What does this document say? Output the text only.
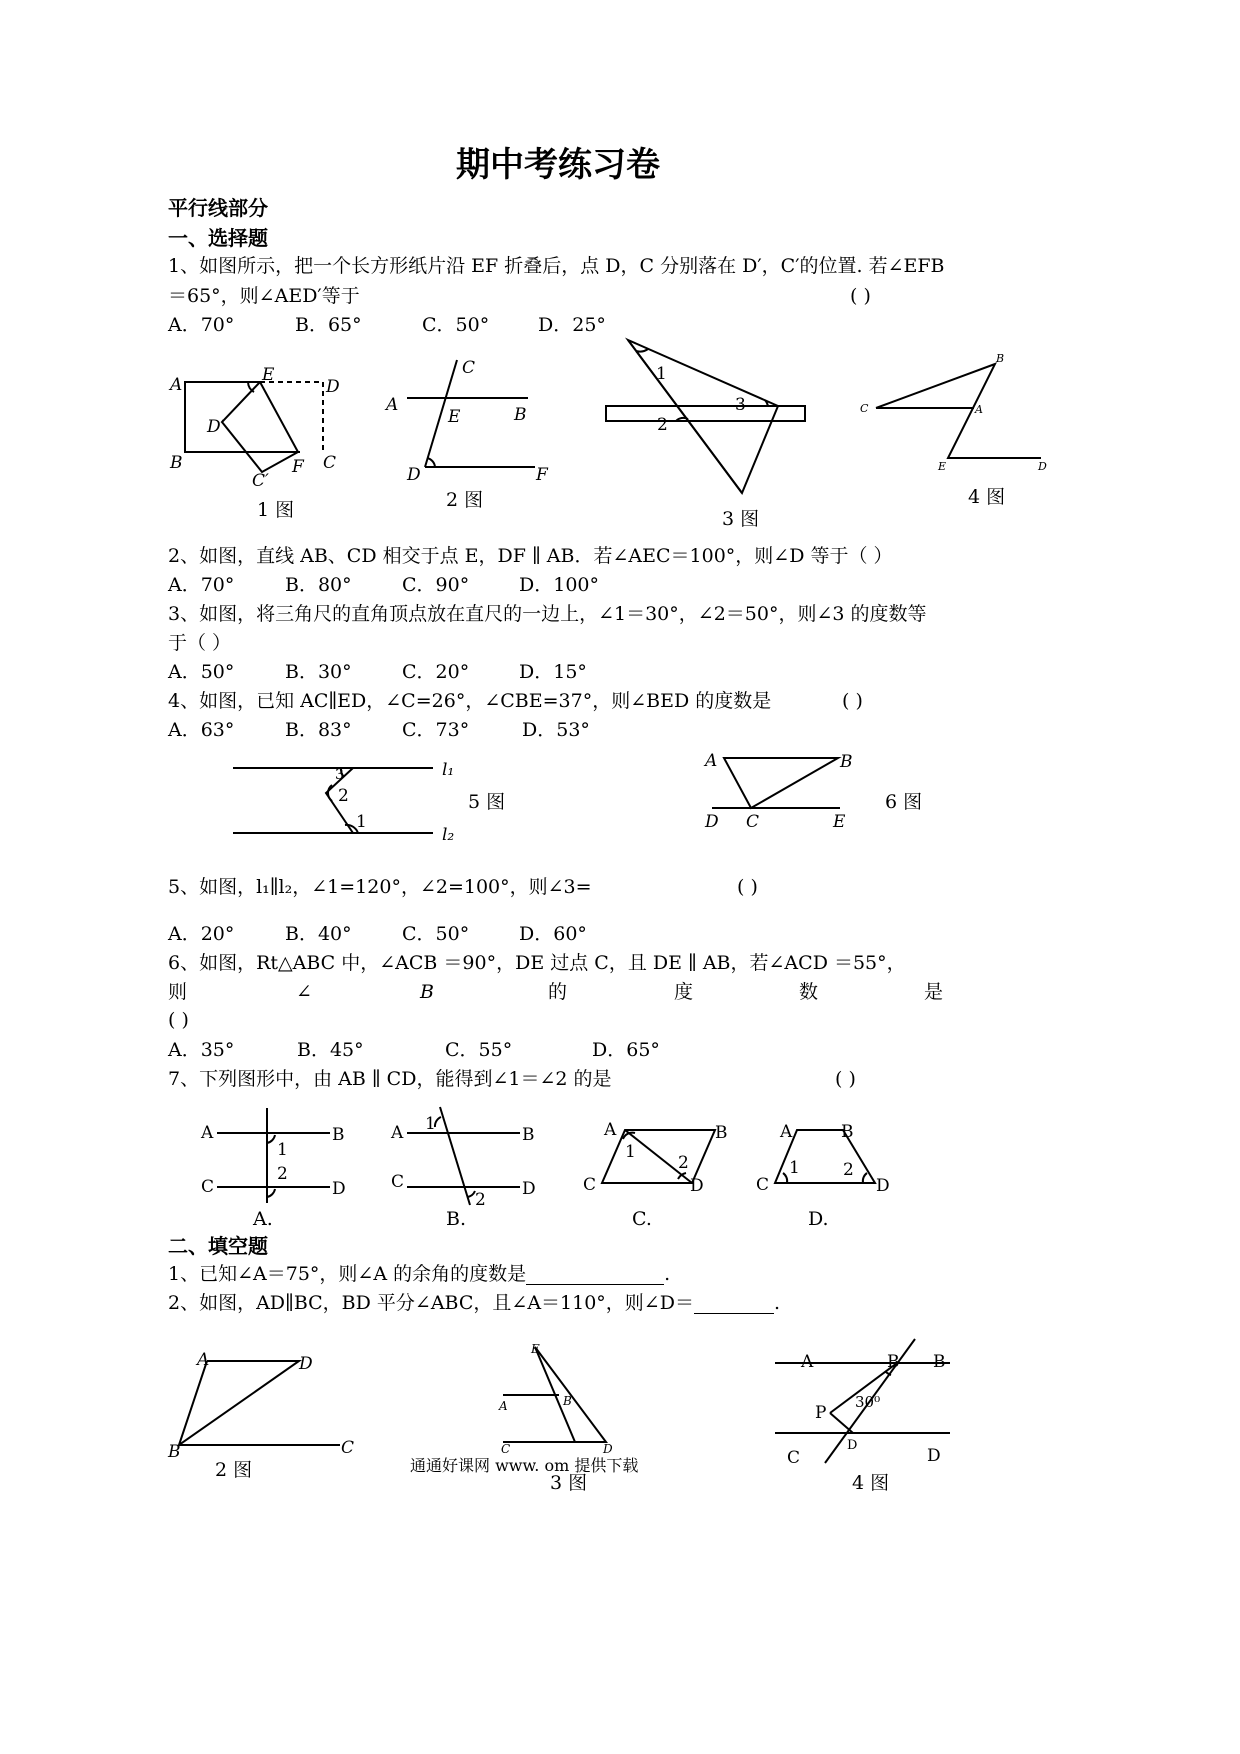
期中考练习卷
平行线部分
一、选择题
1、如图所示，把一个长方形纸片沿 EF 折叠后，点 D，C 分别落在 D′，C′的位置. 若∠EFB
＝65°，则∠AED′等于	( )
A．70°	B．65°	C．50°	D．25°
A	E
D
D′
B
C′
F C
1 图
C
A
E	B
D	F
2 图
1
3
2
3 图
B
C	A
E	D
4 图
2、如图，直线 AB、CD 相交于点 E，DF ∥ AB．若∠AEC＝100°，则∠D 等于（ ）
A．70°	B．80°	C．90°	D．100°
3、如图，将三角尺的直角顶点放在直尺的一边上，∠1＝30°，∠2＝50°，则∠3 的度数等
于（ ）
A．50°	B．30°	C．20°	D．15°
4、如图，已知 AC∥ED，∠C=26°，∠CBE=37°，则∠BED 的度数是	( )
A．63°	B．83°	C．73°	D．53°
3
2
1
l₁
l₂
5 图
A	B
D C	E
6 图
5、如图，l₁∥l₂，∠1=120°，∠2=100°，则∠3=	( )
A．20°	B．40°	C．50°	D．60°
6、如图，Rt△ABC 中，∠ACB ＝90°，DE 过点 C，且 DE ∥ AB，若∠ACD ＝55°，
则	∠	B	的	度	数	是
( )
A．35°	B．45°	C．55°	D．65°
7、下列图形中，由 AB ∥ CD，能得到∠1＝∠2 的是	( )
A	B
1
C
2
D
A.
A 1
B
C
2
D
B.
A	B
1
2
C	D
C.
A	B
1	2
C	D
D.
二、填空题
1、已知∠A＝75°，则∠A 的余角的度数是	.
2、如图，AD∥BC，BD 平分∠ABC，且∠A＝110°，则∠D＝	.
A	D
B	C
2 图
E
B
A
C	D
3 图
A	B B
P
30⁰
C
D
D
4 图
通通好课网 www. om 提供下载
